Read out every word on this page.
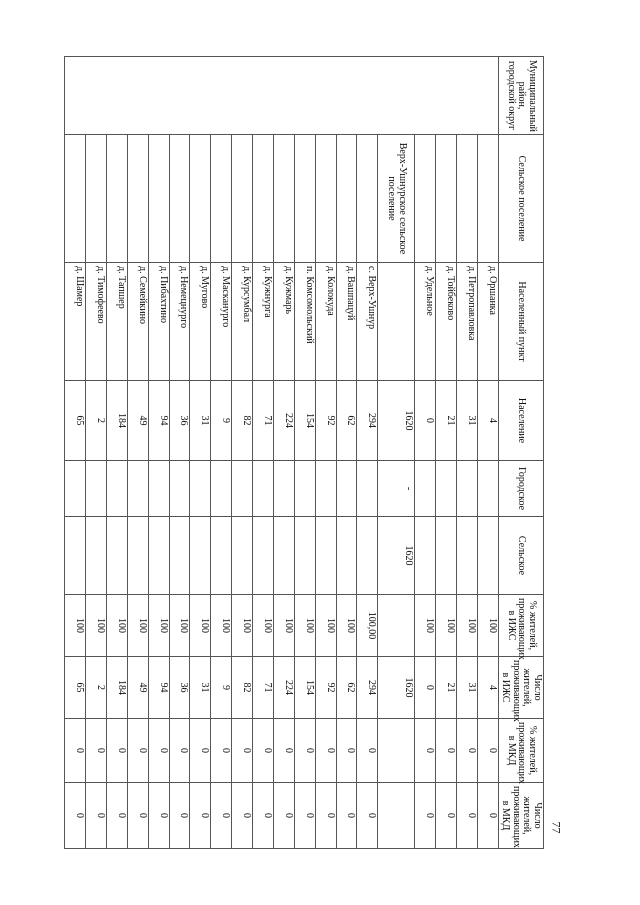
77
Муниципальный район, городской округ	Сельское поселение	Населенный пункт	Население	Городское	Сельское	% жителей, проживающих в ИЖС	Число жителей, проживающих в ИЖС	% жителей, проживающих в МКД	Число жителей, проживающих в МКД
		д. Оршанка	4			100	4	0	0
		д. Петропавловка	31			100	31	0	0
		д. Тойбеково	21			100	21	0	0
		д. Удельное	0			100	0	0	0
	Верх-Ушнурское сельское поселение		1620	-	1620		1620		
		с. Верх-Ушнур	294			100,00	294	0	0
		д. Вашпацуй	62			100	62	0	0
		д. Колокуда	92			100	92	0	0
		п. Комсомольский	154			100	154	0	0
		д. Кужмарь	224			100	224	0	0
		д. Кужнурга	71			100	71	0	0
		д. Курсумбал	82			100	82	0	0
		д. Масканурго	9			100	9	0	0
		д. Мугово	31			100	31	0	0
		д. Немецнурго	36			100	36	0	0
		д. Пибахтино	94			100	94	0	0
		д. Семейкино	49			100	49	0	0
		д. Тапшер	184			100	184	0	0
		д. Тимофеево	2			100	2	0	0
		д. Шамер	65			100	65	0	0
